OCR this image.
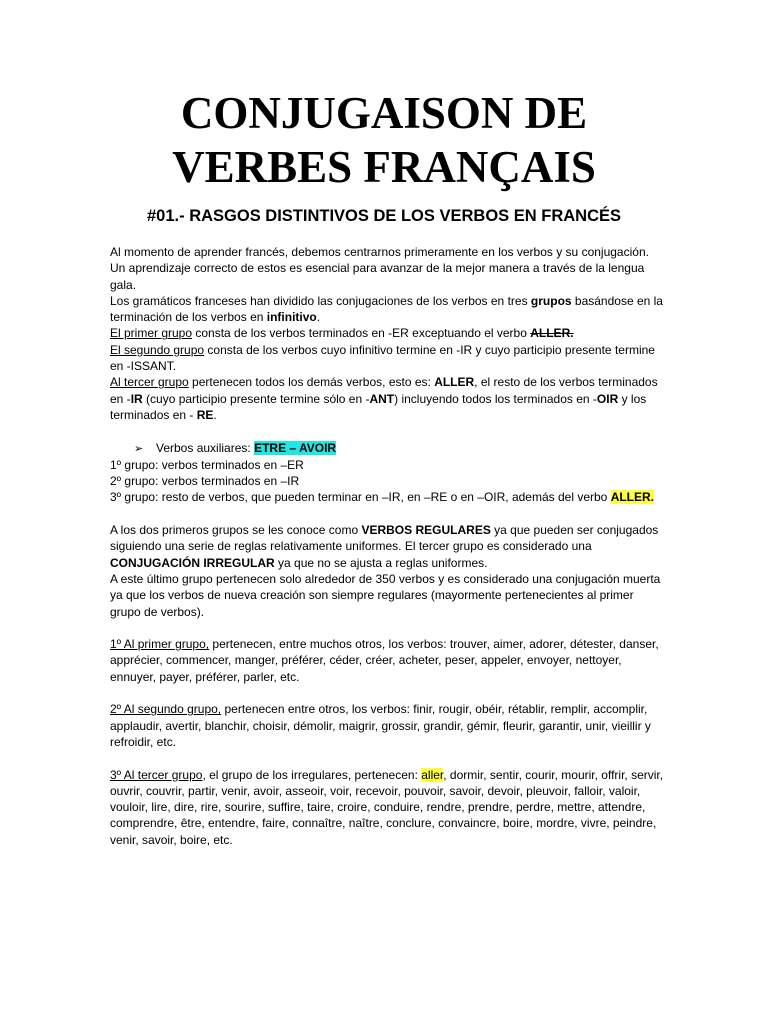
CONJUGAISON DE
VERBES FRANÇAIS
#01.- RASGOS DISTINTIVOS DE LOS VERBOS EN FRANCÉS

Al momento de aprender francés, debemos centrarnos primeramente en los verbos y su conjugación. Un aprendizaje correcto de estos es esencial para avanzar de la mejor manera a través de la lengua gala.

Los gramáticos franceses han dividido las conjugaciones de los verbos en tres grupos basándose en la terminación de los verbos en infinitivo.

El primer grupo consta de los verbos terminados en -ER exceptuando el verbo ALLER.

El segundo grupo consta de los verbos cuyo infinitivo termine en -IR y cuyo participio presente termine en -ISSANT.

Al tercer grupo pertenecen todos los demás verbos, esto es: ALLER, el resto de los verbos terminados en -IR (cuyo participio presente termine sólo en -ANT) incluyendo todos los terminados en -OIR y los terminados en - RE.

➢ Verbos auxiliares: ETRE – AVOIR

1º grupo: verbos terminados en –ER

2º grupo: verbos terminados en –IR

3º grupo: resto de verbos, que pueden terminar en –IR, en –RE o en –OIR, además del verbo ALLER.

A los dos primeros grupos se les conoce como VERBOS REGULARES ya que pueden ser conjugados siguiendo una serie de reglas relativamente uniformes. El tercer grupo es considerado una CONJUGACIÓN IRREGULAR ya que no se ajusta a reglas uniformes.

A este último grupo pertenecen solo alrededor de 350 verbos y es considerado una conjugación muerta ya que los verbos de nueva creación son siempre regulares (mayormente pertenecientes al primer grupo de verbos).

1º Al primer grupo, pertenecen, entre muchos otros, los verbos: trouver, aimer, adorer, détester, danser, apprécier, commencer, manger, préférer, céder, créer, acheter, peser, appeler, envoyer, nettoyer, ennuyer, payer, préférer, parler, etc.

2º Al segundo grupo, pertenecen entre otros, los verbos: finir, rougir, obéir, rétablir, remplir, accomplir, applaudir, avertir, blanchir, choisir, démolir, maigrir, grossir, grandir, gémir, fleurir, garantir, unir, vieillir y refroidir, etc.

3º Al tercer grupo, el grupo de los irregulares, pertenecen: aller, dormir, sentir, courir, mourir, offrir, servir, ouvrir, couvrir, partir, venir, avoir, asseoir, voir, recevoir, pouvoir, savoir, devoir, pleuvoir, falloir, valoir, vouloir, lire, dire, rire, sourire, suffire, taire, croire, conduire, rendre, prendre, perdre, mettre, attendre, comprendre, être, entendre, faire, connaître, naître, conclure, convaincre, boire, mordre, vivre, peindre, venir, savoir, boire, etc.
